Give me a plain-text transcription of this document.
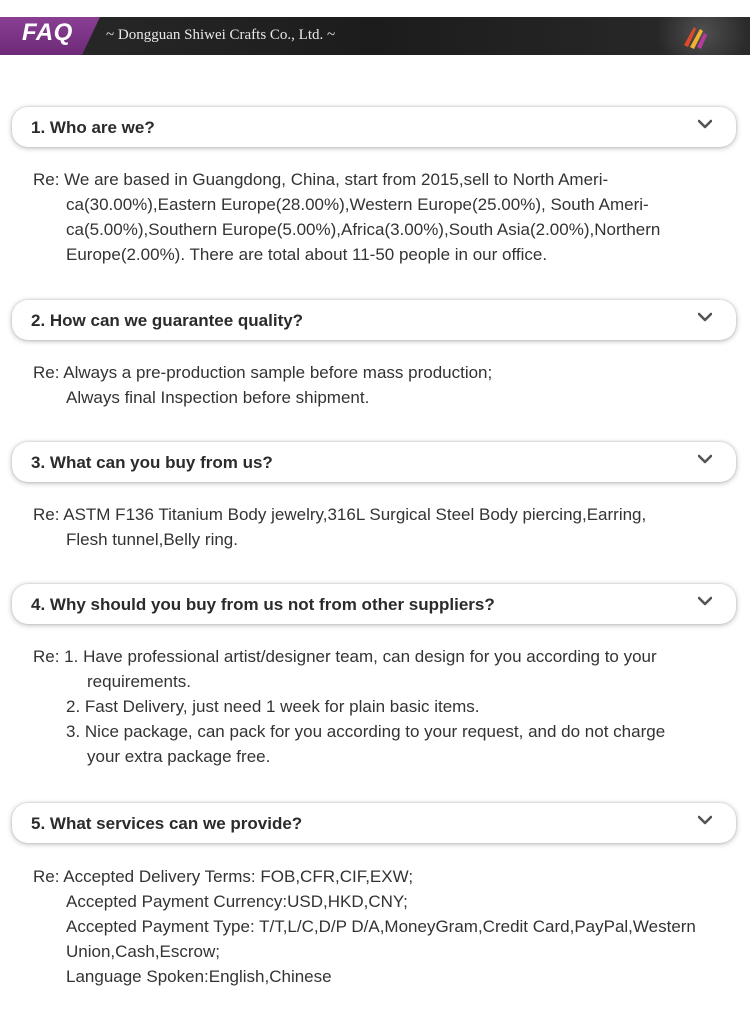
FAQ ~ Dongguan Shiwei Crafts Co., Ltd. ~
1. Who are we?
Re: We are based in Guangdong, China, start from 2015,sell to North Ameri-
ca(30.00%),Eastern Europe(28.00%),Western Europe(25.00%), South Ameri-
ca(5.00%),Southern Europe(5.00%),Africa(3.00%),South Asia(2.00%),Northern
Europe(2.00%). There are total about 11-50 people in our office.
2. How can we guarantee quality?
Re: Always a pre-production sample before mass production;
Always final Inspection before shipment.
3. What can you buy from us?
Re: ASTM F136 Titanium Body jewelry,316L Surgical Steel Body piercing,Earring,
Flesh tunnel,Belly ring.
4. Why should you buy from us not from other suppliers?
Re: 1. Have professional artist/designer team, can design for you according to your
requirements.
2. Fast Delivery, just need 1 week for plain basic items.
3. Nice package, can pack for you according to your request, and do not charge
your extra package free.
5. What services can we provide?
Re: Accepted Delivery Terms: FOB,CFR,CIF,EXW;
Accepted Payment Currency:USD,HKD,CNY;
Accepted Payment Type: T/T,L/C,D/P D/A,MoneyGram,Credit Card,PayPal,Western
Union,Cash,Escrow;
Language Spoken:English,Chinese
